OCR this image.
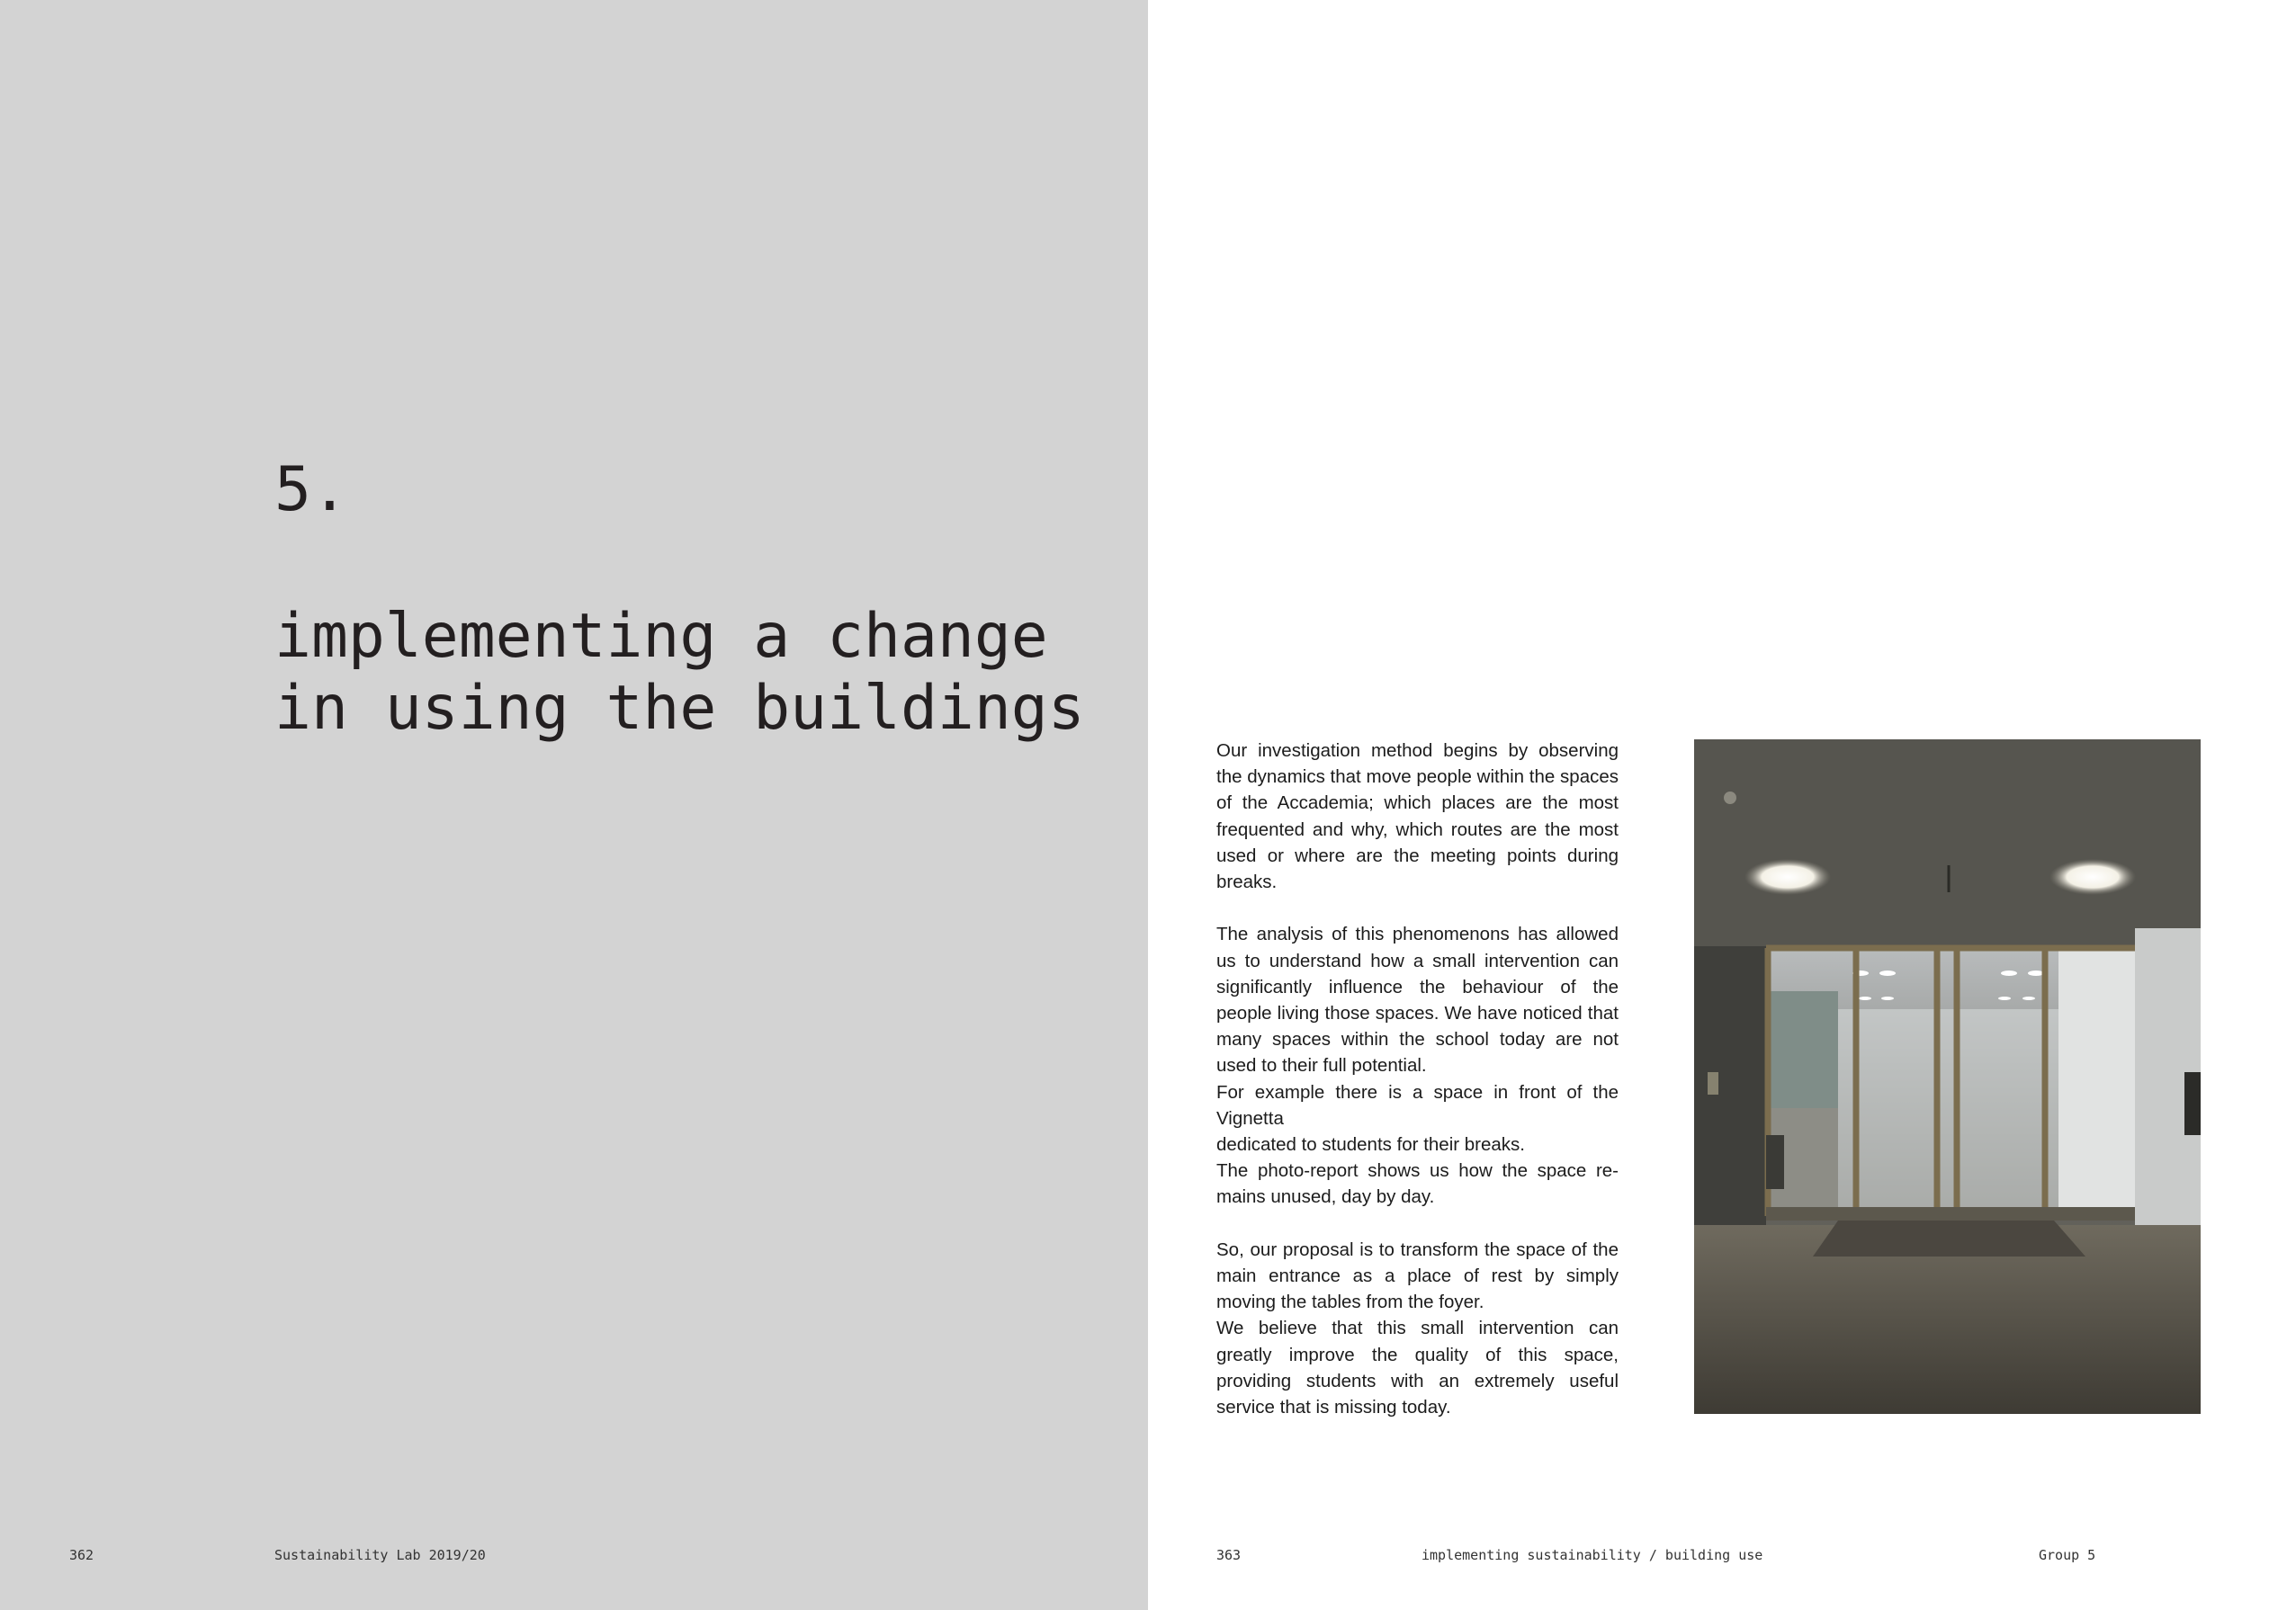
5.
implementing a change
in using the buildings
362	Sustainability Lab 2019/20

Our investigation method begins by observing the dynamics that move people within the spaces of the Accademia; which places are the most frequented and why, which routes are the most used or where are the meeting points during breaks.

The analysis of this phenomenons has allowed us to understand how a small intervention can significantly influence the behaviour of the people living those spaces. We have noticed that many spaces within the school today are not used to their full potential.
For example there is a space in front of the Vignetta
dedicated to students for their breaks.
The photo-report shows us how the space re-mains unused, day by day.

So, our proposal is to transform the space of the main entrance as a place of rest by simply moving the tables from the foyer.
We believe that this small intervention can greatly improve the quality of this space, providing students with an extremely useful service that is missing today.

363	implementing sustainability / building use	Group 5
